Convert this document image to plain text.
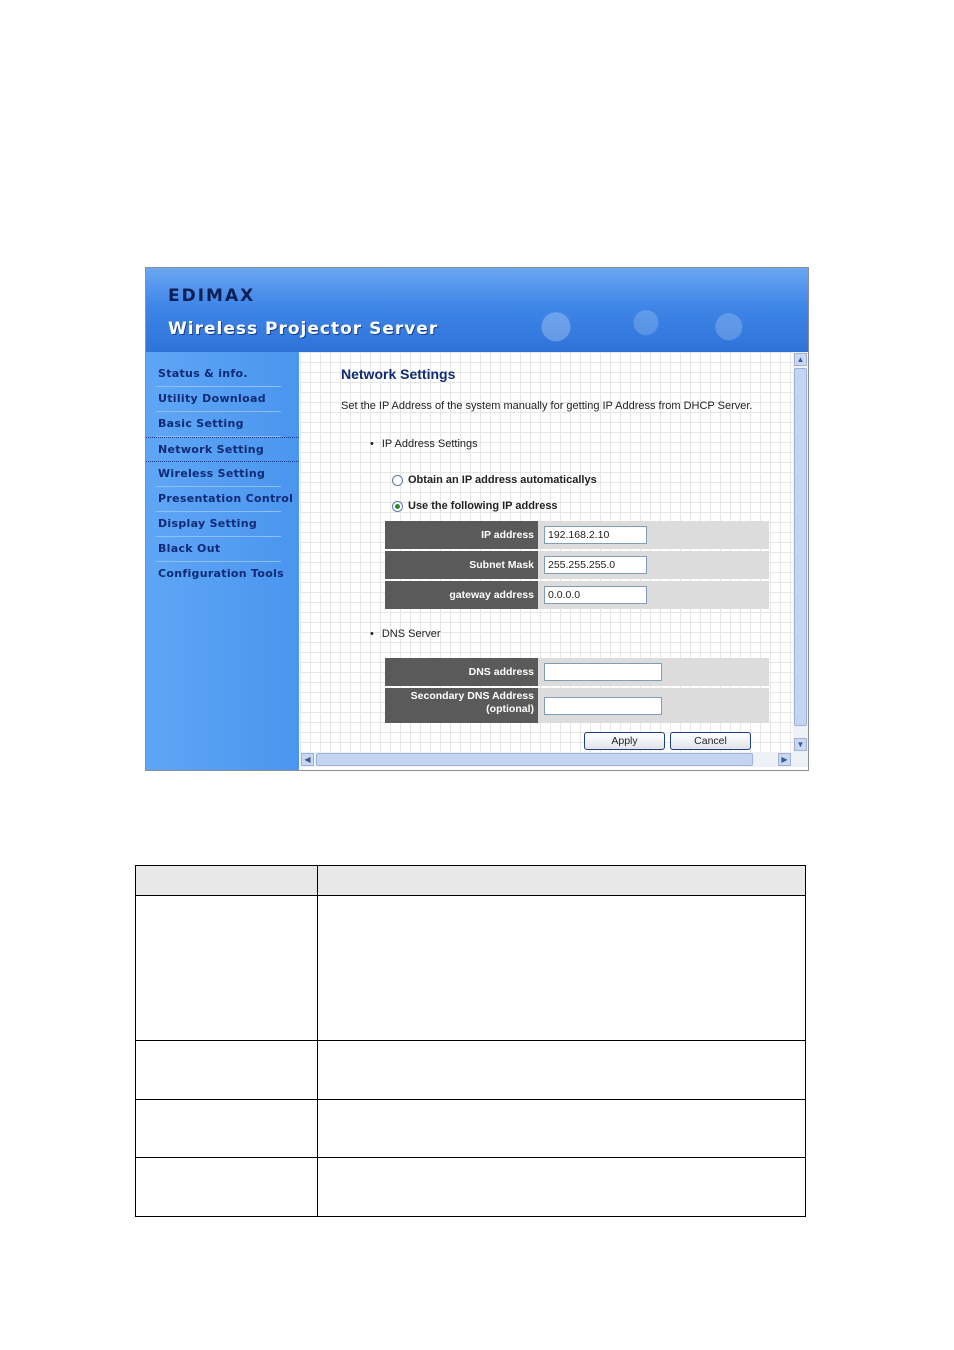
EDIMAX
Wireless Projector Server
Status & info.
Utility Download
Basic Setting
Network Setting
Wireless Setting
Presentation Control
Display Setting
Black Out
Configuration Tools
Network Settings
Set the IP Address of the system manually for getting IP Address from DHCP Server.
• IP Address Settings
Obtain an IP address automaticallys
Use the following IP address
IP address
192.168.2.10
Subnet Mask
255.255.255.0
gateway address
0.0.0.0
• DNS Server
DNS address
Secondary DNS Address
(optional)
Apply	Cancel
▲
▼
◀	▶
